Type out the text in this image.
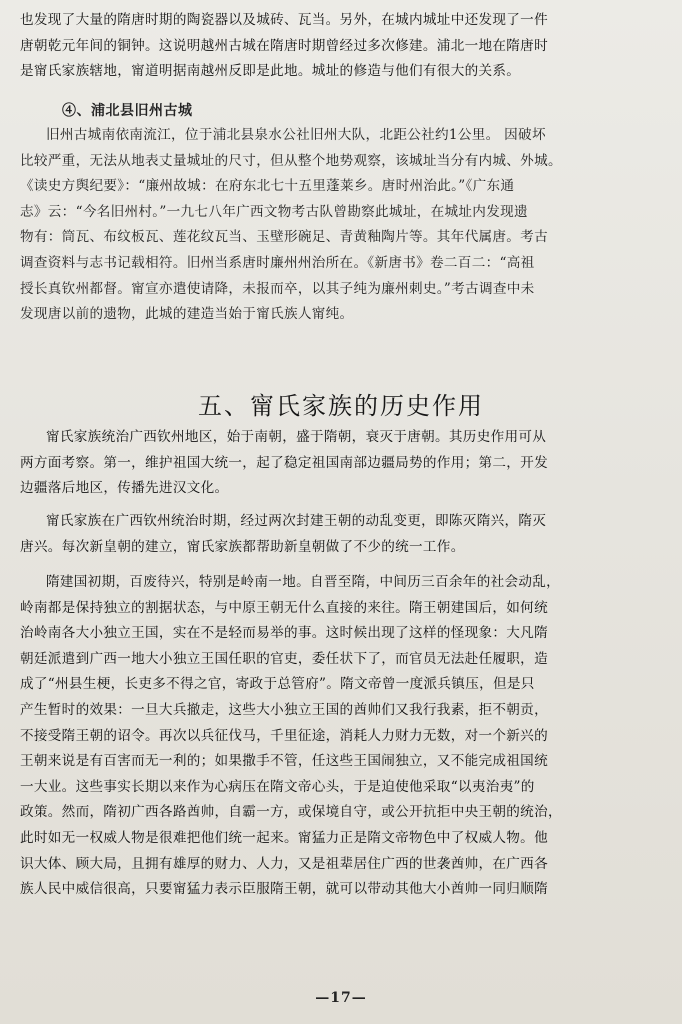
也发现了大量的隋唐时期的陶瓷器以及城砖、瓦当。另外，在城内城址中还发现了一件
唐朝乾元年间的铜钟。这说明越州古城在隋唐时期曾经过多次修建。浦北一地在隋唐时
是甯氏家族辖地，甯道明据南越州反即是此地。城址的修造与他们有很大的关系。
④、浦北县旧州古城
旧州古城南依南流江，位于浦北县泉水公社旧州大队，北距公社约1公里。 因破坏
比较严重，无法从地表丈量城址的尺寸，但从整个地势观察，该城址当分有内城、外城。
《读史方舆纪要》：“廉州故城：在府东北七十五里蓬莱乡。唐时州治此。”《广东通
志》云：“今名旧州村。”一九七八年广西文物考古队曾勘察此城址，在城址内发现遗
物有：筒瓦、布纹板瓦、莲花纹瓦当、玉壁形碗足、青黄釉陶片等。其年代属唐。考古
调查资料与志书记载相符。旧州当系唐时廉州州治所在。《新唐书》卷二百二：“高祖
授长真钦州都督。甯宣亦遣使请降，未报而卒，以其子纯为廉州刺史。”考古调查中未
发现唐以前的遗物，此城的建造当始于甯氏族人甯纯。
五、甯氏家族的历史作用
甯氏家族统治广西钦州地区，始于南朝，盛于隋朝，衰灭于唐朝。其历史作用可从
两方面考察。第一，维护祖国大统一，起了稳定祖国南部边疆局势的作用；第二，开发
边疆落后地区，传播先进汉文化。
甯氏家族在广西钦州统治时期，经过两次封建王朝的动乱变更，即陈灭隋兴，隋灭
唐兴。每次新皇朝的建立，甯氏家族都帮助新皇朝做了不少的统一工作。
隋建国初期，百废待兴，特别是岭南一地。自晋至隋，中间历三百余年的社会动乱，
岭南都是保持独立的割据状态，与中原王朝无什么直接的来往。隋王朝建国后，如何统
治岭南各大小独立王国，实在不是轻而易举的事。这时候出现了这样的怪现象：大凡隋
朝廷派遣到广西一地大小独立王国任职的官吏，委任状下了，而官员无法赴任履职，造
成了“州县生梗，长吏多不得之官，寄政于总管府”。隋文帝曾一度派兵镇压，但是只
产生暂时的效果：一旦大兵撤走，这些大小独立王国的酋帅们又我行我素，拒不朝贡，
不接受隋王朝的诏令。再次以兵征伐马，千里征途，消耗人力财力无数，对一个新兴的
王朝来说是有百害而无一利的；如果撒手不管，任这些王国闹独立，又不能完成祖国统
一大业。这些事实长期以来作为心病压在隋文帝心头，于是迫使他采取“以夷治夷”的
政策。然而，隋初广西各路酋帅，自霸一方，或保境自守，或公开抗拒中央王朝的统治，
此时如无一权威人物是很难把他们统一起来。甯猛力正是隋文帝物色中了权威人物。他
识大体、顾大局，且拥有雄厚的财力、人力，又是祖辈居住广西的世袭酋帅，在广西各
族人民中威信很高，只要甯猛力表示臣服隋王朝，就可以带动其他大小酋帅一同归顺隋
—17—
